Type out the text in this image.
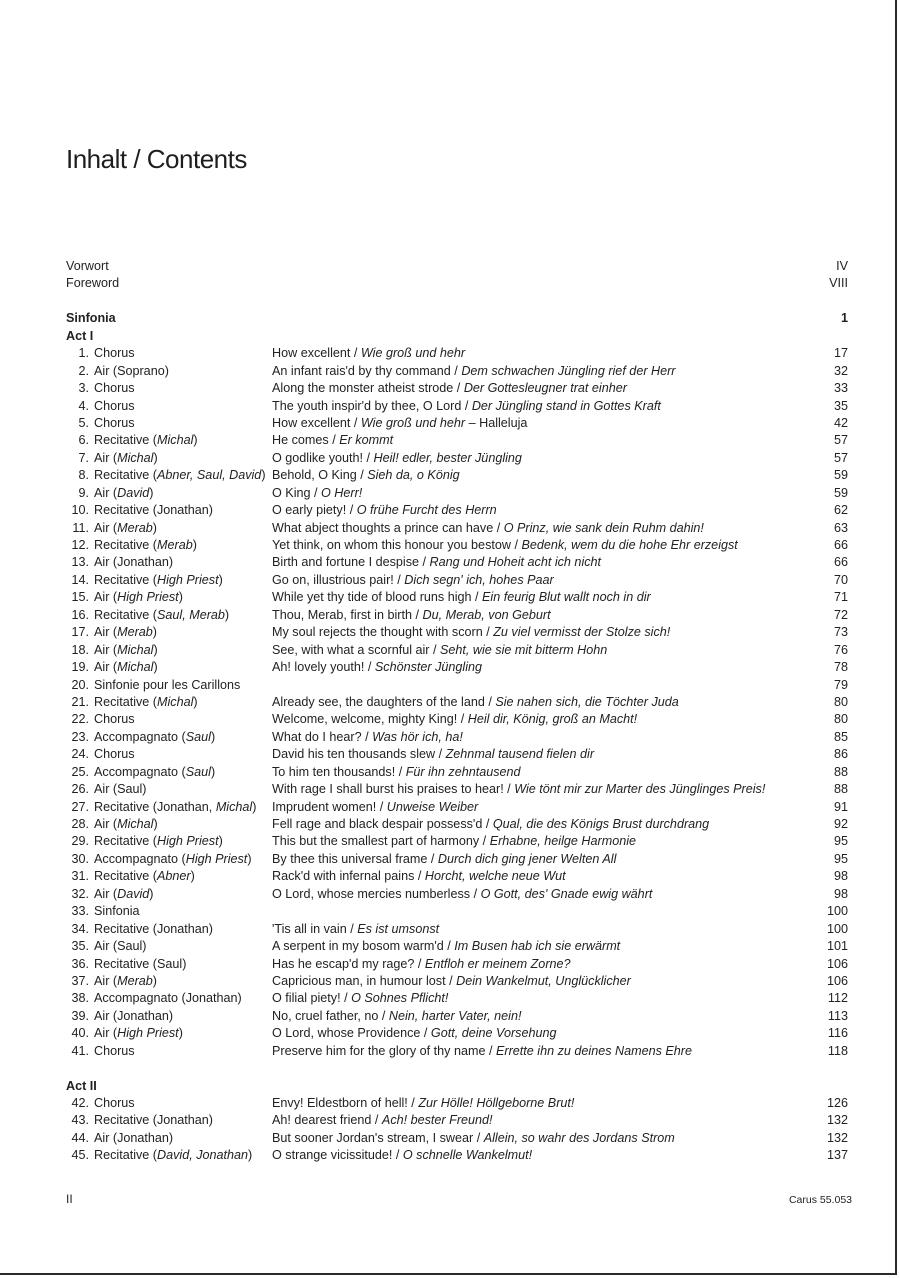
Inhalt / Contents
Vorwort	IV
Foreword	VIII
Sinfonia	1
Act I
1. Chorus	How excellent / Wie groß und hehr	17
2. Air (Soprano)	An infant rais'd by thy command / Dem schwachen Jüngling rief der Herr	32
3. Chorus	Along the monster atheist strode / Der Gottesleugner trat einher	33
4. Chorus	The youth inspir'd by thee, O Lord / Der Jüngling stand in Gottes Kraft	35
5. Chorus	How excellent / Wie groß und hehr – Halleluja	42
6. Recitative (Michal)	He comes / Er kommt	57
7. Air (Michal)	O godlike youth! / Heil! edler, bester Jüngling	57
8. Recitative (Abner, Saul, David) Behold, O King / Sieh da, o König	59
9. Air (David)	O King / O Herr!	59
10. Recitative (Jonathan)	O early piety! / O frühe Furcht des Herrn	62
11. Air (Merab)	What abject thoughts a prince can have / O Prinz, wie sank dein Ruhm dahin!	63
12. Recitative (Merab)	Yet think, on whom this honour you bestow / Bedenk, wem du die hohe Ehr erzeigst	66
13. Air (Jonathan)	Birth and fortune I despise / Rang und Hoheit acht ich nicht	66
14. Recitative (High Priest)	Go on, illustrious pair! / Dich segn' ich, hohes Paar	70
15. Air (High Priest)	While yet thy tide of blood runs high / Ein feurig Blut wallt noch in dir	71
16. Recitative (Saul, Merab)	Thou, Merab, first in birth / Du, Merab, von Geburt	72
17. Air (Merab)	My soul rejects the thought with scorn / Zu viel vermisst der Stolze sich!	73
18. Air (Michal)	See, with what a scornful air / Seht, wie sie mit bitterm Hohn	76
19. Air (Michal)	Ah! lovely youth! / Schönster Jüngling	78
20. Sinfonie pour les Carillons	79
21. Recitative (Michal)	Already see, the daughters of the land / Sie nahen sich, die Töchter Juda	80
22. Chorus	Welcome, welcome, mighty King! / Heil dir, König, groß an Macht!	80
23. Accompagnato (Saul)	What do I hear? / Was hör ich, ha!	85
24. Chorus	David his ten thousands slew / Zehnmal tausend fielen dir	86
25. Accompagnato (Saul)	To him ten thousands! / Für ihn zehntausend	88
26. Air (Saul)	With rage I shall burst his praises to hear! / Wie tönt mir zur Marter des Jünglinges Preis!	88
27. Recitative (Jonathan, Michal) Imprudent women! / Unweise Weiber	91
28. Air (Michal)	Fell rage and black despair possess'd / Qual, die des Königs Brust durchdrang	92
29. Recitative (High Priest)	This but the smallest part of harmony / Erhabne, heilge Harmonie	95
30. Accompagnato (High Priest) By thee this universal frame / Durch dich ging jener Welten All	95
31. Recitative (Abner)	Rack'd with infernal pains / Horcht, welche neue Wut	98
32. Air (David)	O Lord, whose mercies numberless / O Gott, des' Gnade ewig währt	98
33. Sinfonia	100
34. Recitative (Jonathan)	'Tis all in vain / Es ist umsonst	100
35. Air (Saul)	A serpent in my bosom warm'd / Im Busen hab ich sie erwärmt	101
36. Recitative (Saul)	Has he escap'd my rage? / Entfloh er meinem Zorne?	106
37. Air (Merab)	Capricious man, in humour lost / Dein Wankelmut, Unglücklicher	106
38. Accompagnato (Jonathan) O filial piety! / O Sohnes Pflicht!	112
39. Air (Jonathan)	No, cruel father, no / Nein, harter Vater, nein!	113
40. Air (High Priest)	O Lord, whose Providence / Gott, deine Vorsehung	116
41. Chorus	Preserve him for the glory of thy name / Errette ihn zu deines Namens Ehre	118
Act II
42. Chorus	Envy! Eldestborn of hell! / Zur Hölle! Höllgeborne Brut!	126
43. Recitative (Jonathan)	Ah! dearest friend / Ach! bester Freund!	132
44. Air (Jonathan)	But sooner Jordan's stream, I swear / Allein, so wahr des Jordans Strom	132
45. Recitative (David, Jonathan) O strange vicissitude! / O schnelle Wankelmut!	137
II	Carus 55.053
